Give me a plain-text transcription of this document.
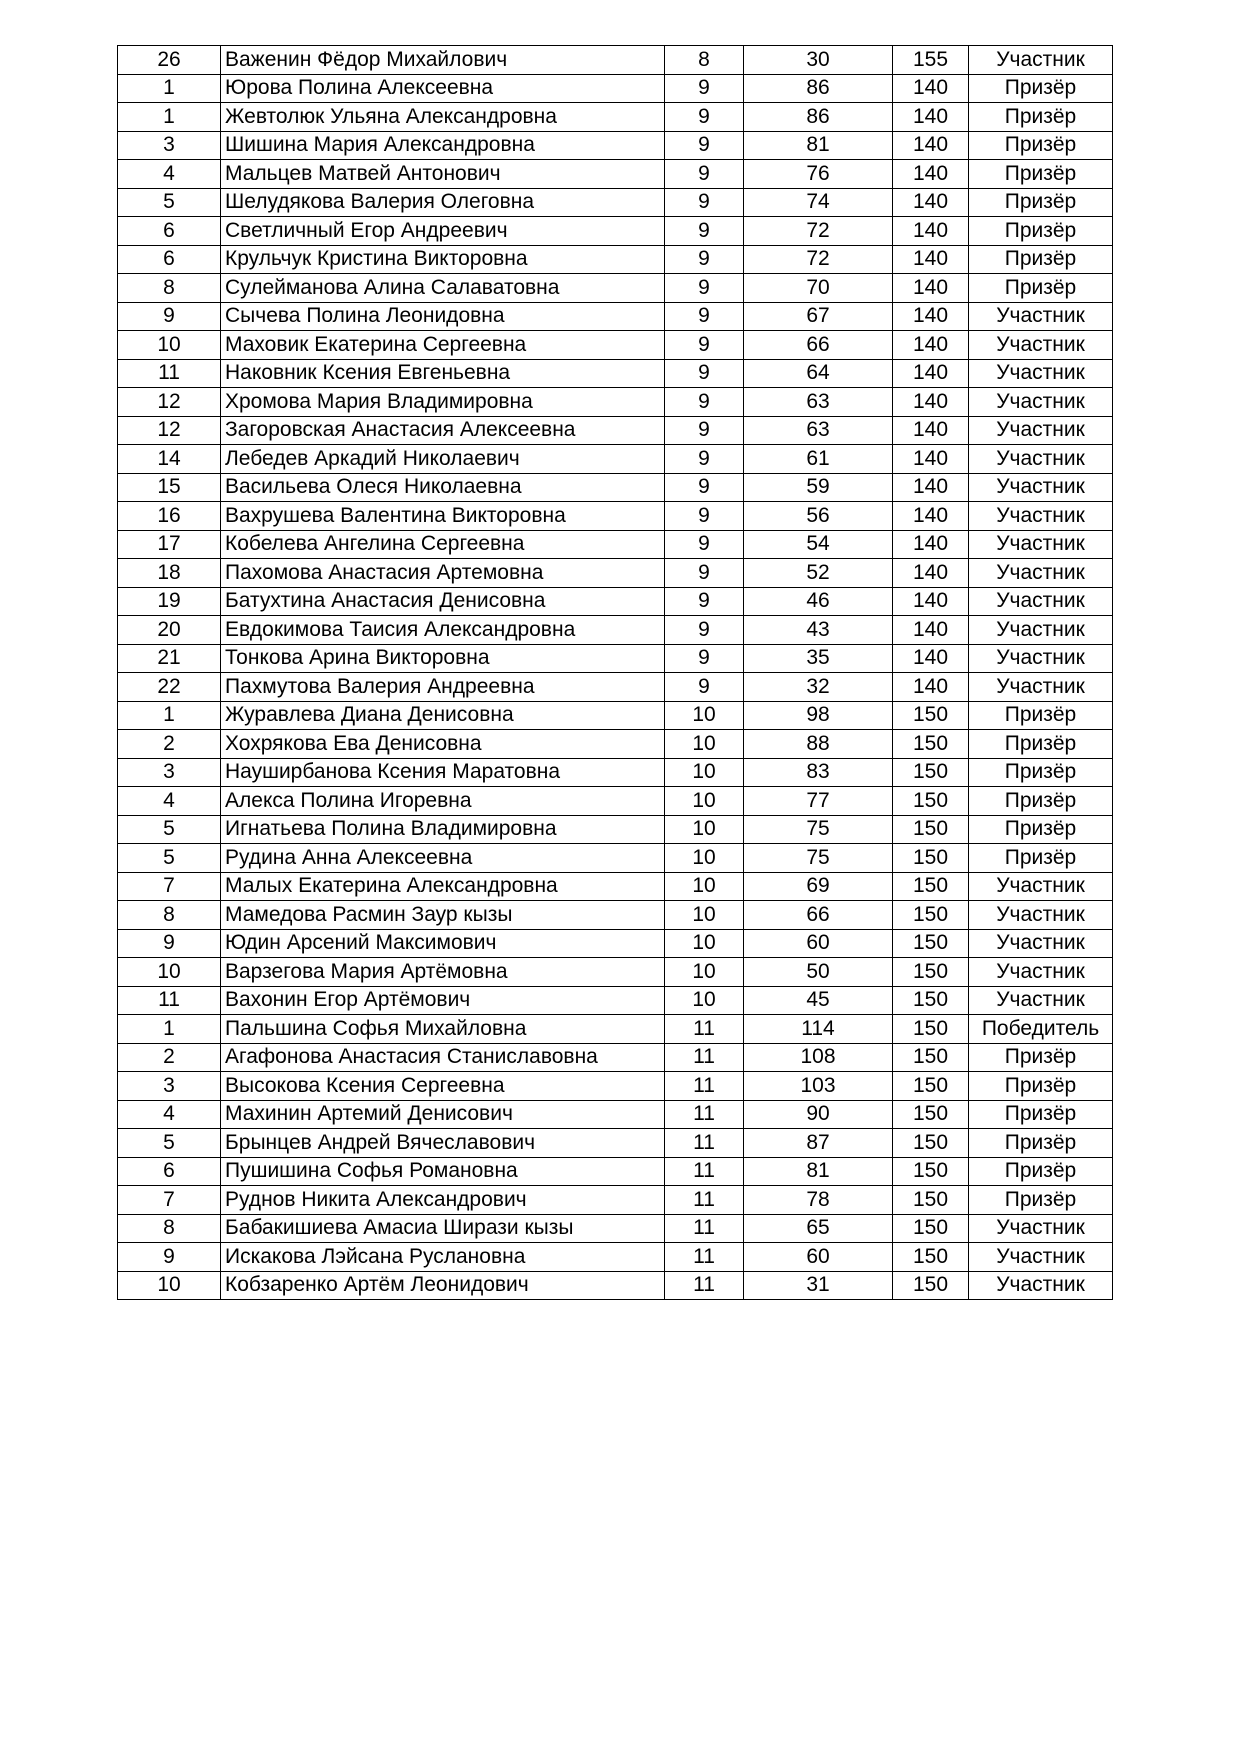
26	Важенин Фёдор Михайлович	8	30	155	Участник
1	Юрова Полина Алексеевна	9	86	140	Призёр
1	Жевтолюк Ульяна Александровна	9	86	140	Призёр
3	Шишина Мария Александровна	9	81	140	Призёр
4	Мальцев Матвей Антонович	9	76	140	Призёр
5	Шелудякова Валерия Олеговна	9	74	140	Призёр
6	Светличный Егор Андреевич	9	72	140	Призёр
6	Крульчук Кристина Викторовна	9	72	140	Призёр
8	Сулейманова Алина Салаватовна	9	70	140	Призёр
9	Сычева Полина Леонидовна	9	67	140	Участник
10	Маховик Екатерина Сергеевна	9	66	140	Участник
11	Наковник Ксения Евгеньевна	9	64	140	Участник
12	Хромова Мария Владимировна	9	63	140	Участник
12	Загоровская Анастасия Алексеевна	9	63	140	Участник
14	Лебедев Аркадий Николаевич	9	61	140	Участник
15	Васильева Олеся Николаевна	9	59	140	Участник
16	Вахрушева Валентина Викторовна	9	56	140	Участник
17	Кобелева Ангелина Сергеевна	9	54	140	Участник
18	Пахомова Анастасия Артемовна	9	52	140	Участник
19	Батухтина Анастасия Денисовна	9	46	140	Участник
20	Евдокимова Таисия Александровна	9	43	140	Участник
21	Тонкова Арина Викторовна	9	35	140	Участник
22	Пахмутова Валерия Андреевна	9	32	140	Участник
1	Журавлева Диана Денисовна	10	98	150	Призёр
2	Хохрякова Ева Денисовна	10	88	150	Призёр
3	Науширбанова Ксения Маратовна	10	83	150	Призёр
4	Алекса Полина Игоревна	10	77	150	Призёр
5	Игнатьева Полина Владимировна	10	75	150	Призёр
5	Рудина Анна Алексеевна	10	75	150	Призёр
7	Малых Екатерина Александровна	10	69	150	Участник
8	Мамедова Расмин Заур кызы	10	66	150	Участник
9	Юдин Арсений Максимович	10	60	150	Участник
10	Варзегова Мария Артёмовна	10	50	150	Участник
11	Вахонин Егор Артёмович	10	45	150	Участник
1	Пальшина Софья Михайловна	11	114	150	Победитель
2	Агафонова Анастасия Станиславовна	11	108	150	Призёр
3	Высокова Ксения Сергеевна	11	103	150	Призёр
4	Махинин Артемий Денисович	11	90	150	Призёр
5	Брынцев Андрей Вячеславович	11	87	150	Призёр
6	Пушишина Софья Романовна	11	81	150	Призёр
7	Руднов Никита Александрович	11	78	150	Призёр
8	Бабакишиева Амасиа Ширази кызы	11	65	150	Участник
9	Искакова Лэйсана Руслановна	11	60	150	Участник
10	Кобзаренко Артём Леонидович	11	31	150	Участник
